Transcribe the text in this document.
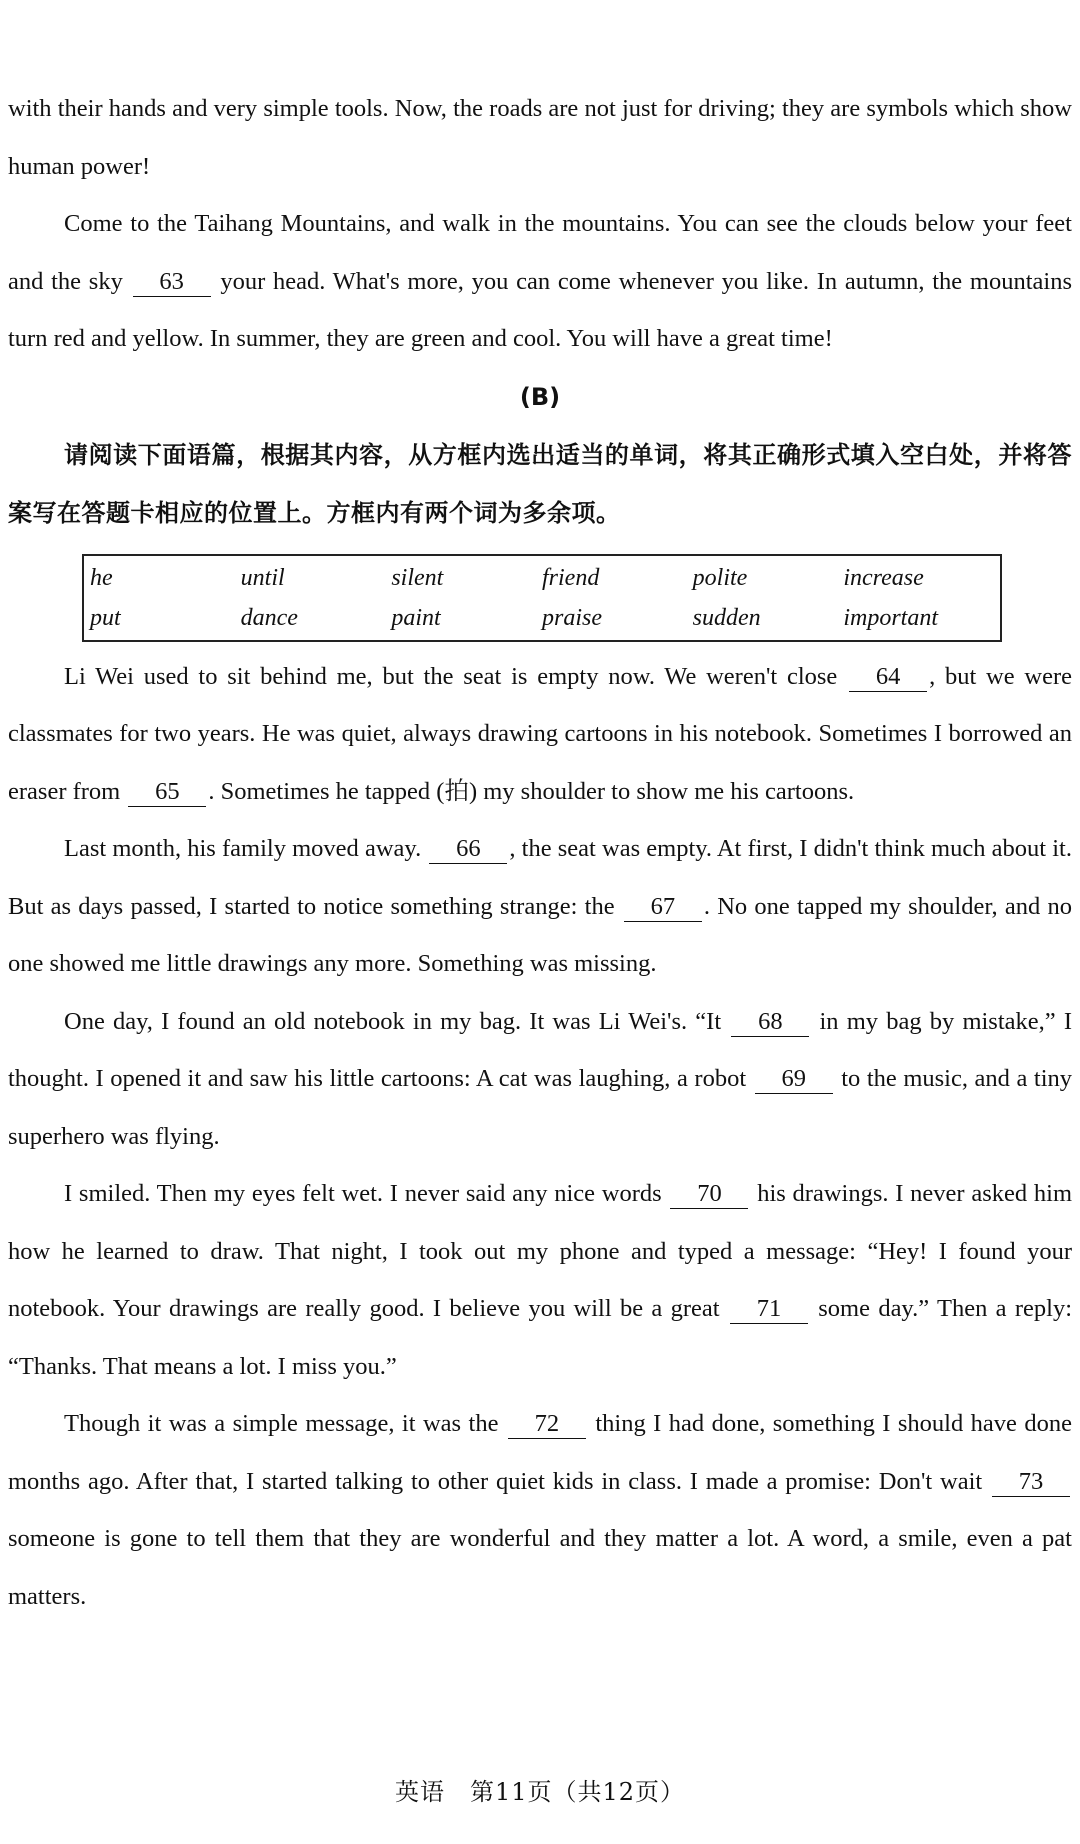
with their hands and very simple tools. Now, the roads are not just for driving; they are symbols which show human power!

Come to the Taihang Mountains, and walk in the mountains. You can see the clouds below your feet and the sky 63 your head. What's more, you can come whenever you like. In autumn, the mountains turn red and yellow. In summer, they are green and cool. You will have a great time!

(B)

请阅读下面语篇，根据其内容，从方框内选出适当的单词，将其正确形式填入空白处，并将答案写在答题卡相应的位置上。方框内有两个词为多余项。

he	until	silent	friend	polite	increase
put	dance	paint	praise	sudden	important

Li Wei used to sit behind me, but the seat is empty now. We weren't close 64 , but we were classmates for two years. He was quiet, always drawing cartoons in his notebook. Sometimes I borrowed an eraser from 65 . Sometimes he tapped (拍) my shoulder to show me his cartoons.

Last month, his family moved away. 66 , the seat was empty. At first, I didn't think much about it. But as days passed, I started to notice something strange: the 67 . No one tapped my shoulder, and no one showed me little drawings any more. Something was missing.

One day, I found an old notebook in my bag. It was Li Wei's. “It 68 in my bag by mistake,” I thought. I opened it and saw his little cartoons: A cat was laughing, a robot 69 to the music, and a tiny superhero was flying.

I smiled. Then my eyes felt wet. I never said any nice words 70 his drawings. I never asked him how he learned to draw. That night, I took out my phone and typed a message: “Hey! I found your notebook. Your drawings are really good. I believe you will be a great 71 some day.” Then a reply: “Thanks. That means a lot. I miss you.”

Though it was a simple message, it was the 72 thing I had done, something I should have done months ago. After that, I started talking to other quiet kids in class. I made a promise: Don't wait 73 someone is gone to tell them that they are wonderful and they matter a lot. A word, a smile, even a pat matters.

英语　第11页（共12页）
